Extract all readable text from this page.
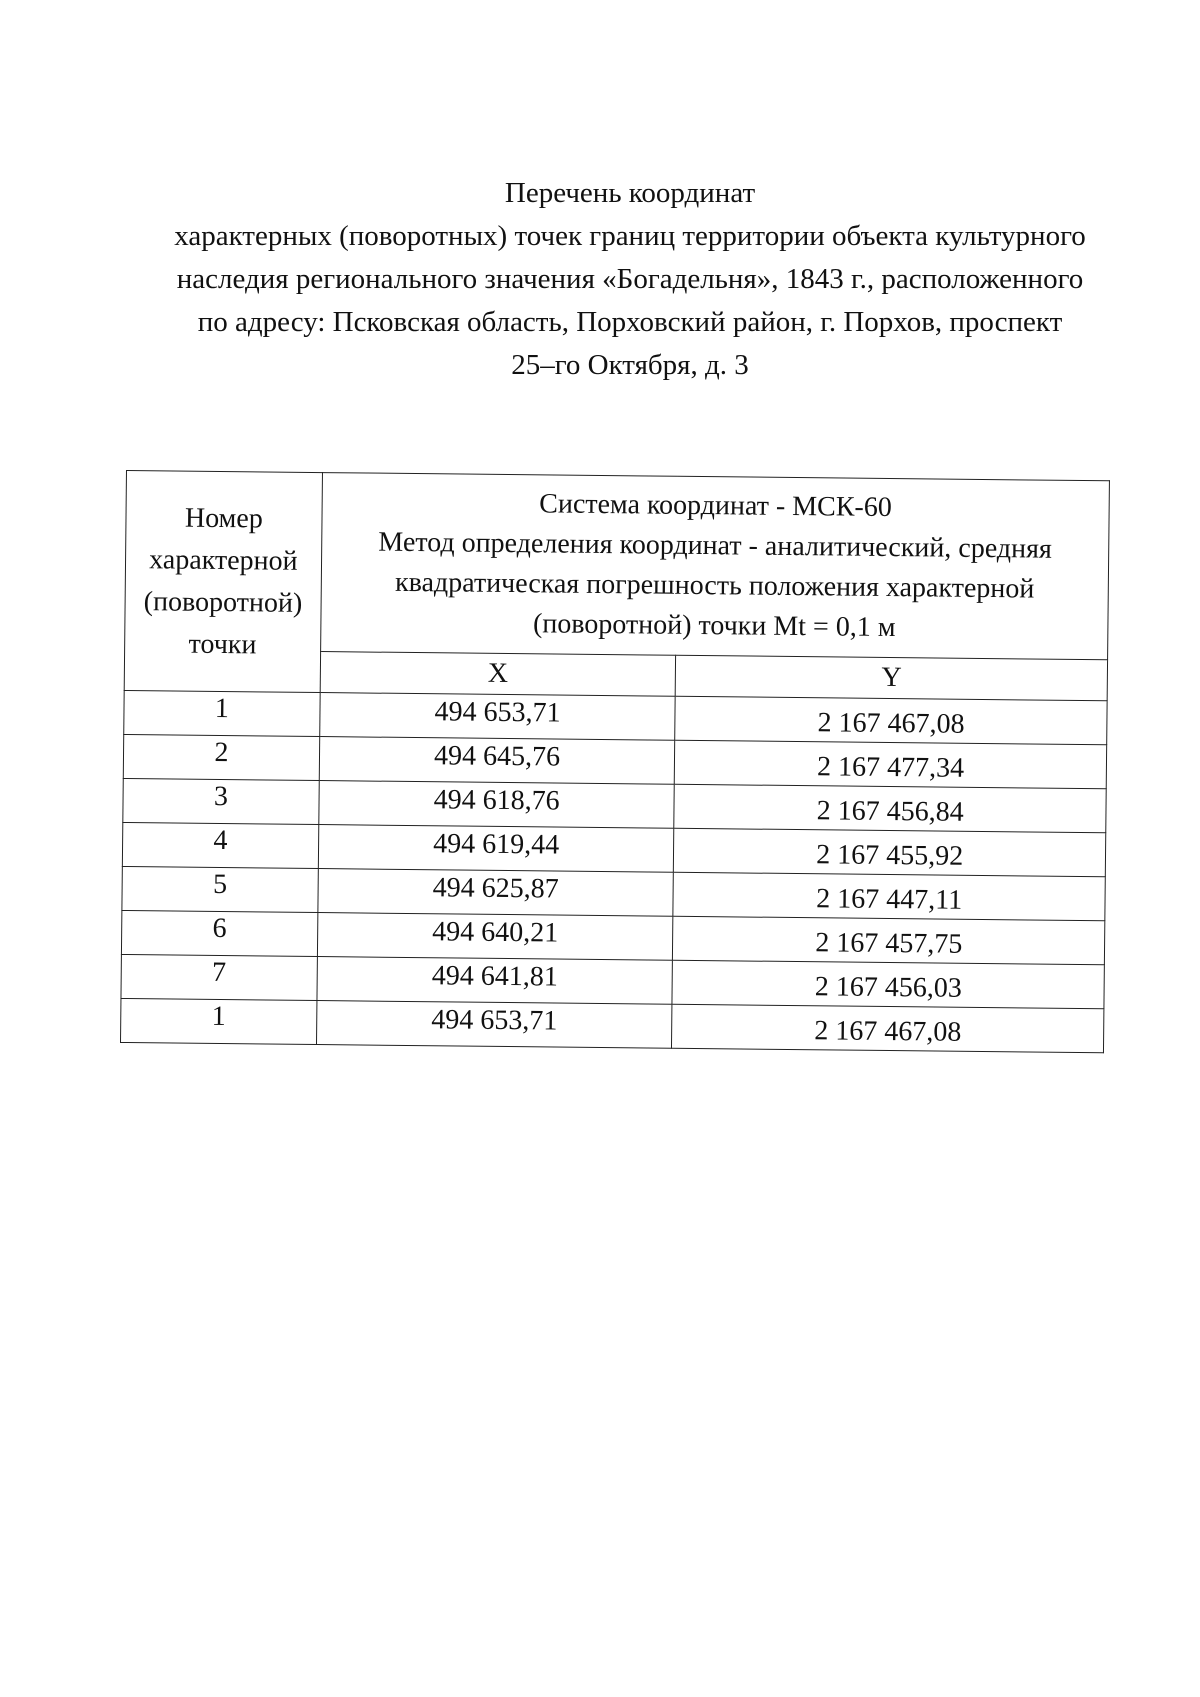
Перечень координат
характерных (поворотных) точек границ территории объекта культурного
наследия регионального значения «Богадельня», 1843 г., расположенного
по адресу: Псковская область, Порховский район, г. Порхов, проспект
25–го Октября, д. 3
Номер
характерной
(поворотной)
точки	Система координат - МСК-60
Метод определения координат - аналитический, средняя
квадратическая погрешность положения характерной
(поворотной) точки Mt = 0,1 м	

	X	Y
1	494 653,71	2 167 467,08
2	494 645,76	2 167 477,34
3	494 618,76	2 167 456,84
4	494 619,44	2 167 455,92
5	494 625,87	2 167 447,11
6	494 640,21	2 167 457,75
7	494 641,81	2 167 456,03
1	494 653,71	2 167 467,08
